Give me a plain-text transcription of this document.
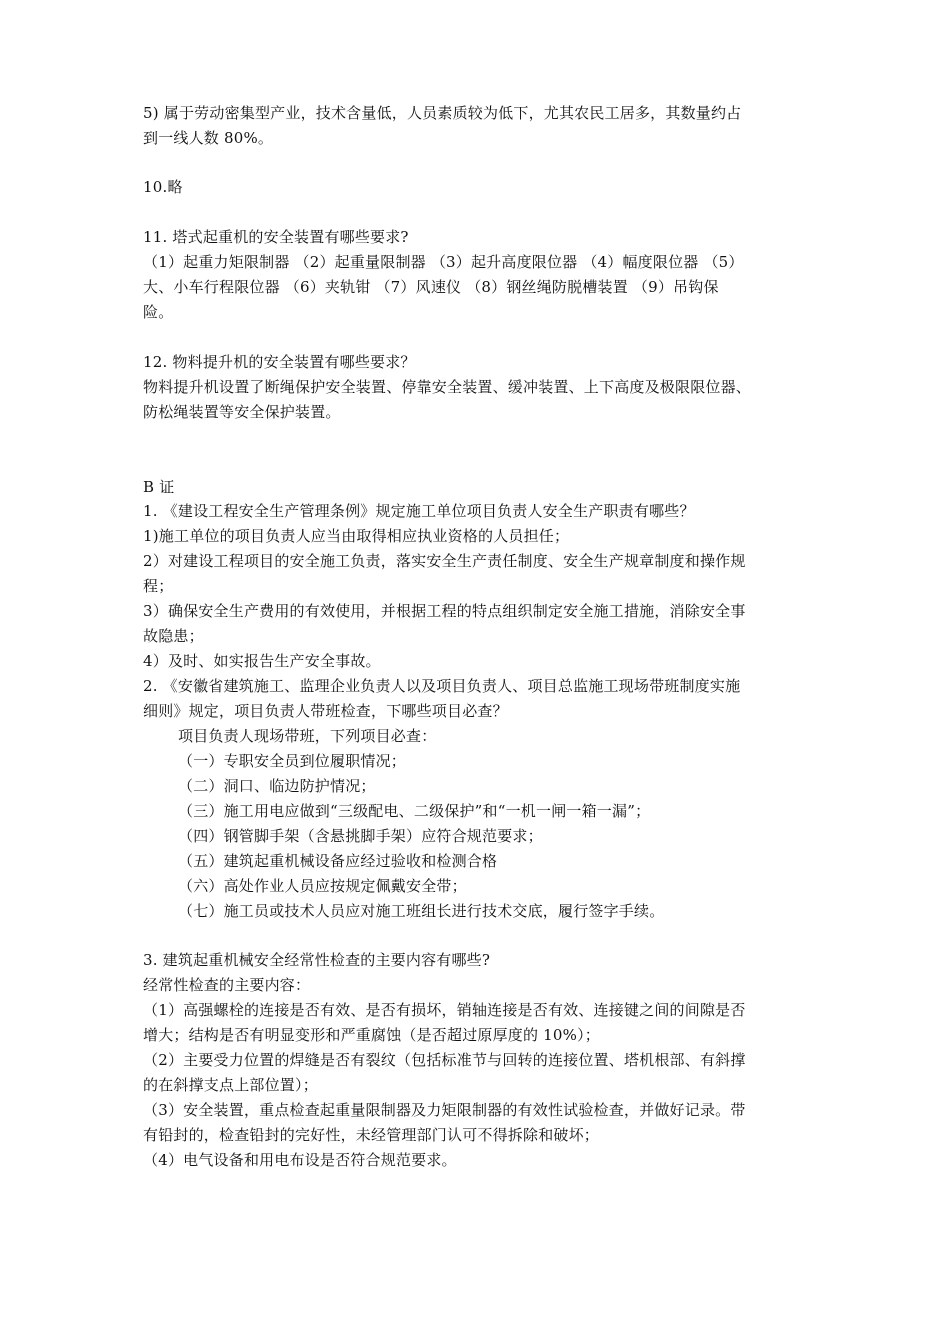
5) 属于劳动密集型产业，技术含量低，人员素质较为低下，尤其农民工居多，其数量约占

到一线人数 80%。

10.略

11. 塔式起重机的安全装置有哪些要求?

（1）起重力矩限制器 （2）起重量限制器 （3）起升高度限位器 （4）幅度限位器 （5）

大、小车行程限位器 （6）夹轨钳 （7）风速仪 （8）钢丝绳防脱槽装置 （9）吊钩保

险。

12. 物料提升机的安全装置有哪些要求？

物料提升机设置了断绳保护安全装置、停靠安全装置、缓冲装置、上下高度及极限限位器、

防松绳装置等安全保护装置。

B 证

1. 《建设工程安全生产管理条例》规定施工单位项目负责人安全生产职责有哪些？

1)施工单位的项目负责人应当由取得相应执业资格的人员担任；

2）对建设工程项目的安全施工负责，落实安全生产责任制度、安全生产规章制度和操作规

程；

3）确保安全生产费用的有效使用，并根据工程的特点组织制定安全施工措施，消除安全事

故隐患；

4）及时、如实报告生产安全事故。

2. 《安徽省建筑施工、监理企业负责人以及项目负责人、项目总监施工现场带班制度实施

细则》规定，项目负责人带班检查，下哪些项目必查？

项目负责人现场带班，下列项目必查：

（一）专职安全员到位履职情况；

（二）洞口、临边防护情况；

（三）施工用电应做到“三级配电、二级保护”和“一机一闸一箱一漏”；

（四）钢管脚手架（含悬挑脚手架）应符合规范要求；

（五）建筑起重机械设备应经过验收和检测合格

（六）高处作业人员应按规定佩戴安全带；

（七）施工员或技术人员应对施工班组长进行技术交底，履行签字手续。

3. 建筑起重机械安全经常性检查的主要内容有哪些?

经常性检查的主要内容：

（1）高强螺栓的连接是否有效、是否有损坏，销轴连接是否有效、连接键之间的间隙是否

增大；结构是否有明显变形和严重腐蚀（是否超过原厚度的 10%）；

（2）主要受力位置的焊缝是否有裂纹（包括标准节与回转的连接位置、塔机根部、有斜撑

的在斜撑支点上部位置）；

（3）安全装置，重点检查起重量限制器及力矩限制器的有效性试验检查，并做好记录。带

有铅封的，检查铅封的完好性，未经管理部门认可不得拆除和破坏；

（4）电气设备和用电布设是否符合规范要求。
